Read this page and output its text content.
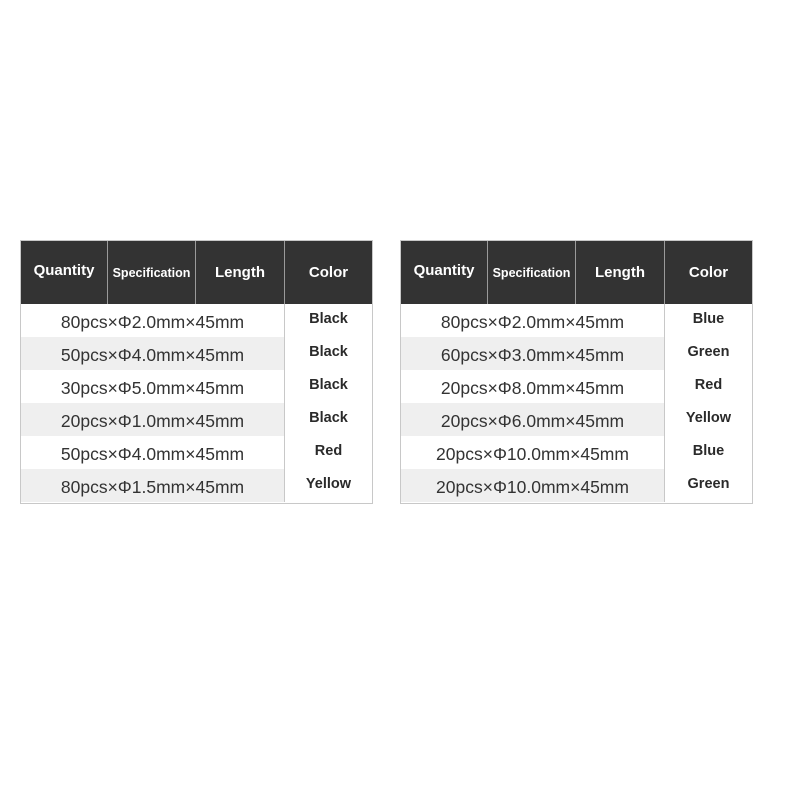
Quantity	Specification	Length	Color
80pcs×Φ2.0mm×45mm	Black
50pcs×Φ4.0mm×45mm	Black
30pcs×Φ5.0mm×45mm	Black
20pcs×Φ1.0mm×45mm	Black
50pcs×Φ4.0mm×45mm	Red
80pcs×Φ1.5mm×45mm	Yellow
Quantity	Specification	Length	Color
80pcs×Φ2.0mm×45mm	Blue
60pcs×Φ3.0mm×45mm	Green
20pcs×Φ8.0mm×45mm	Red
20pcs×Φ6.0mm×45mm	Yellow
20pcs×Φ10.0mm×45mm	Blue
20pcs×Φ10.0mm×45mm	Green
